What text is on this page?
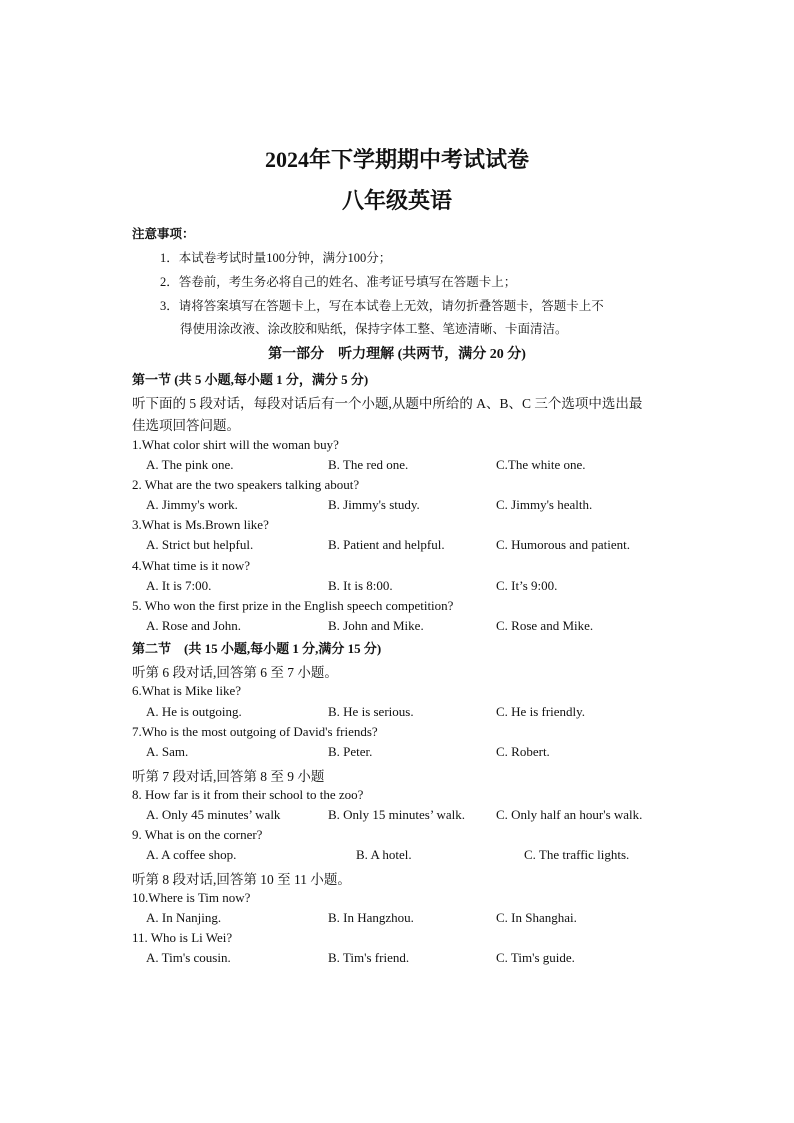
2024年下学期期中考试试卷
八年级英语
注意事项：
1．本试卷考试时量100分钟，满分100分；
2．答卷前，考生务必将自己的姓名、准考证号填写在答题卡上；
3．请将答案填写在答题卡上，写在本试卷上无效，请勿折叠答题卡，答题卡上不
得使用涂改液、涂改胶和贴纸，保持字体工整、笔迹清晰、卡面清洁。
第一部分　听力理解 (共两节，满分 20 分)
第一节 (共 5 小题,每小题 1 分，满分 5 分)
听下面的 5 段对话，每段对话后有一个小题,从题中所给的 A、B、C 三个选项中选出最
佳选项回答问题。
1.What color shirt will the woman buy?
A. The pink one.	B. The red one.	C.The white one.
2. What are the two speakers talking about?
A. Jimmy's work.	B. Jimmy's study.	C. Jimmy's health.
3.What is Ms.Brown like?
A. Strict but helpful.	B. Patient and helpful.	C. Humorous and patient.
4.What time is it now?
A. It is 7:00.	B. It is 8:00.	C. It’s 9:00.
5. Who won the first prize in the English speech competition?
A. Rose and John.	B. John and Mike.	C. Rose and Mike.
第二节　(共 15 小题,每小题 1 分,满分 15 分)
听第 6 段对话,回答第 6 至 7 小题。
6.What is Mike like?
A. He is outgoing.	B. He is serious.	C. He is friendly.
7.Who is the most outgoing of David's friends?
A. Sam.	B. Peter.	C. Robert.
听第 7 段对话,回答第 8 至 9 小题
8. How far is it from their school to the zoo?
A. Only 45 minutes’ walk	B. Only 15 minutes’ walk. C. Only half an hour's walk.
9. What is on the corner?
A. A coffee shop.	B. A hotel.	C. The traffic lights.
听第 8 段对话,回答第 10 至 11 小题。
10.Where is Tim now?
A. In Nanjing.	B. In Hangzhou.	C. In Shanghai.
11. Who is Li Wei?
A. Tim's cousin.	B. Tim's friend.	C. Tim's guide.
